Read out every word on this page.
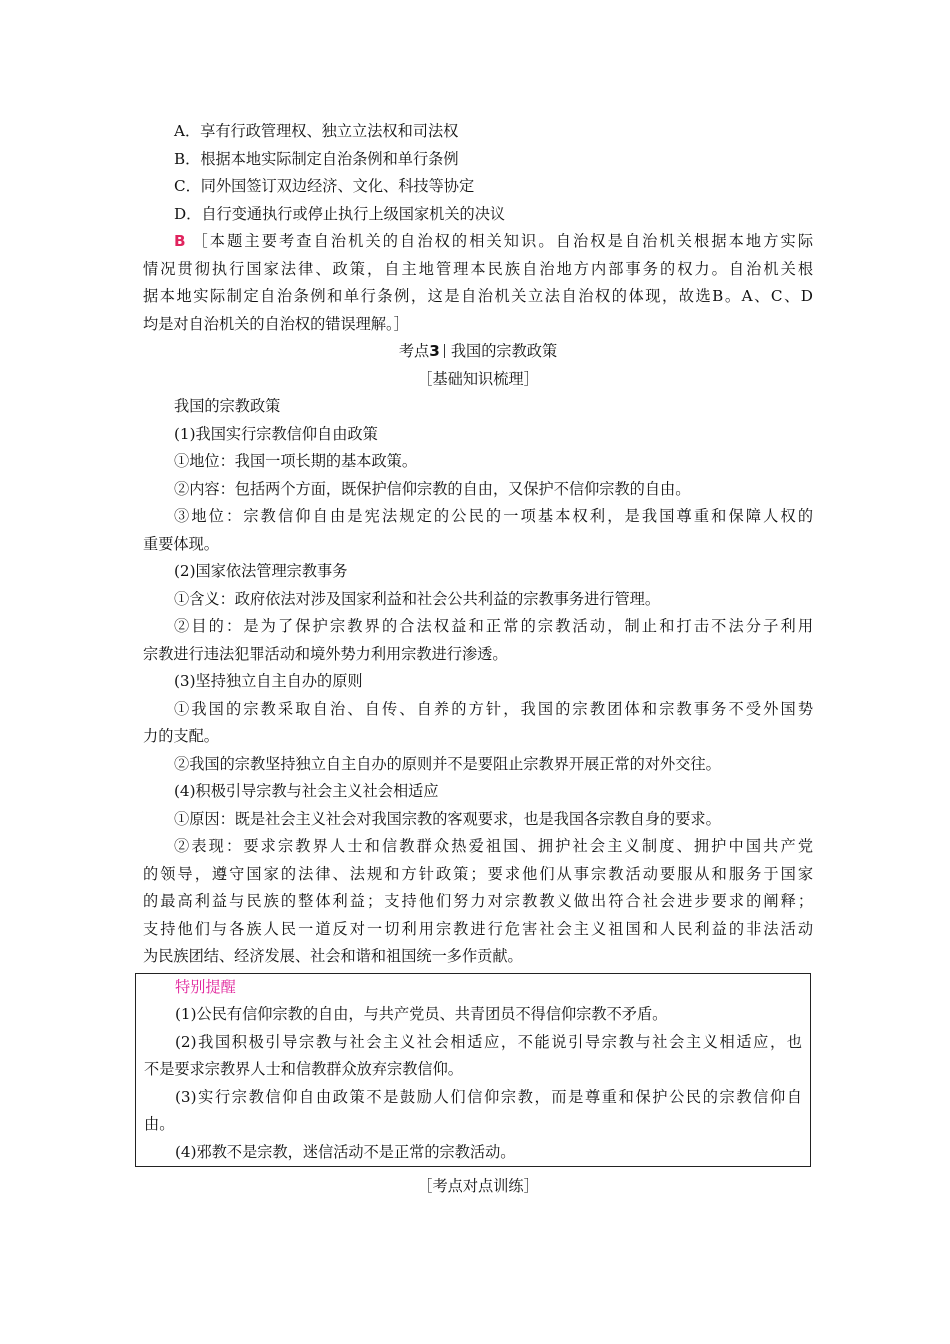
A．享有行政管理权、独立立法权和司法权
B．根据本地实际制定自治条例和单行条例
C．同外国签订双边经济、文化、科技等协定
D．自行变通执行或停止执行上级国家机关的决议
B ［本题主要考查自治机关的自治权的相关知识。自治权是自治机关根据本地方实际
情况贯彻执行国家法律、政策，自主地管理本民族自治地方内部事务的权力。自治机关根
据本地实际制定自治条例和单行条例，这是自治机关立法自治权的体现，故选B。A、C、D
均是对自治机关的自治权的错误理解。］
考点3 我国的宗教政策
［基础知识梳理］
我国的宗教政策
(1)我国实行宗教信仰自由政策
①地位：我国一项长期的基本政策。
②内容：包括两个方面，既保护信仰宗教的自由，又保护不信仰宗教的自由。
③地位：宗教信仰自由是宪法规定的公民的一项基本权利，是我国尊重和保障人权的
重要体现。
(2)国家依法管理宗教事务
①含义：政府依法对涉及国家利益和社会公共利益的宗教事务进行管理。
②目的：是为了保护宗教界的合法权益和正常的宗教活动，制止和打击不法分子利用
宗教进行违法犯罪活动和境外势力利用宗教进行渗透。
(3)坚持独立自主自办的原则
①我国的宗教采取自治、自传、自养的方针，我国的宗教团体和宗教事务不受外国势
力的支配。
②我国的宗教坚持独立自主自办的原则并不是要阻止宗教界开展正常的对外交往。
(4)积极引导宗教与社会主义社会相适应
①原因：既是社会主义社会对我国宗教的客观要求，也是我国各宗教自身的要求。
②表现：要求宗教界人士和信教群众热爱祖国、拥护社会主义制度、拥护中国共产党
的领导，遵守国家的法律、法规和方针政策；要求他们从事宗教活动要服从和服务于国家
的最高利益与民族的整体利益；支持他们努力对宗教教义做出符合社会进步要求的阐释；
支持他们与各族人民一道反对一切利用宗教进行危害社会主义祖国和人民利益的非法活动
为民族团结、经济发展、社会和谐和祖国统一多作贡献。
特别提醒
(1)公民有信仰宗教的自由，与共产党员、共青团员不得信仰宗教不矛盾。
(2)我国积极引导宗教与社会主义社会相适应，不能说引导宗教与社会主义相适应，也
不是要求宗教界人士和信教群众放弃宗教信仰。
(3)实行宗教信仰自由政策不是鼓励人们信仰宗教，而是尊重和保护公民的宗教信仰自
由。
(4)邪教不是宗教，迷信活动不是正常的宗教活动。
［考点对点训练］
